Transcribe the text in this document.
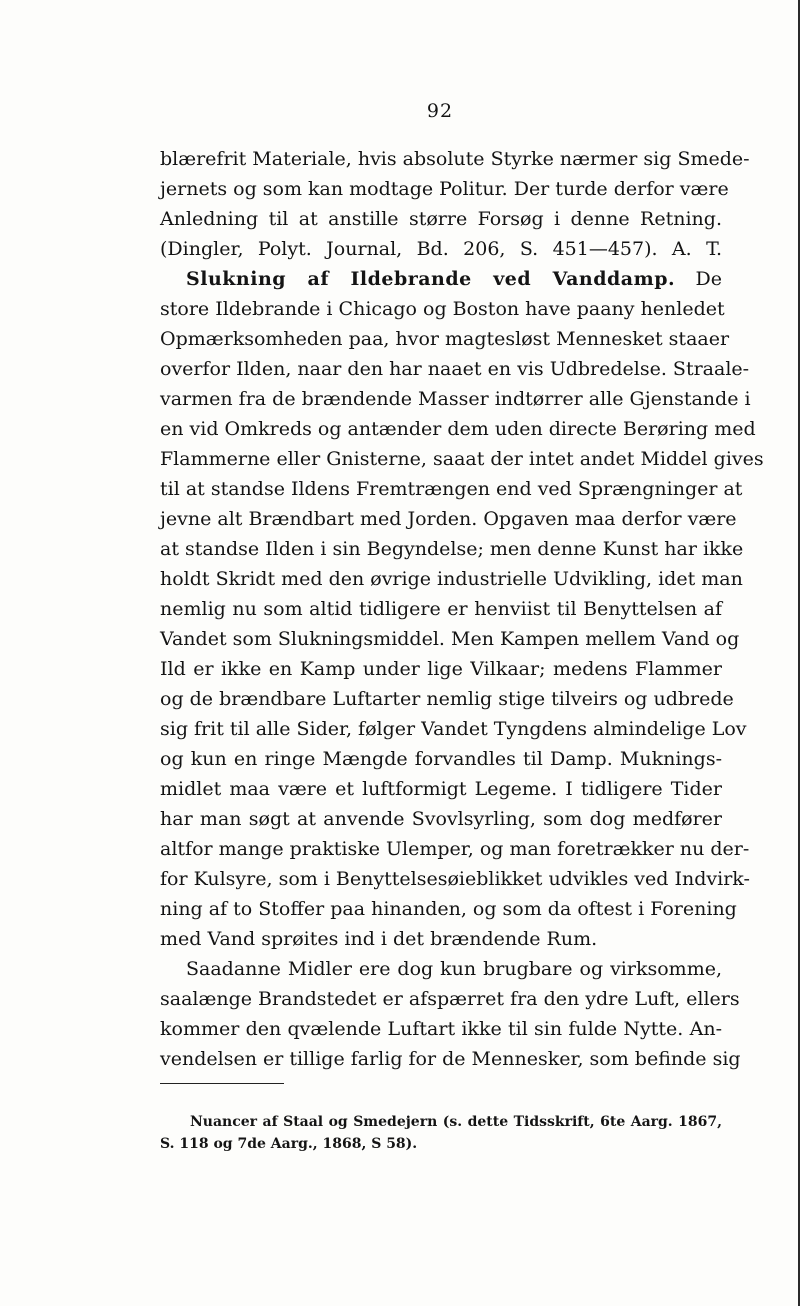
92
blærefrit Materiale, hvis absolute Styrke nærmer sig Smede-
jernets og som kan modtage Politur. Der turde derfor være
Anledning til at anstille større Forsøg i denne Retning.
(Dingler, Polyt. Journal, Bd. 206, S. 451—457). A. T.
Slukning af Ildebrande ved Vanddamp. De
store Ildebrande i Chicago og Boston have paany henledet
Opmærksomheden paa, hvor magtesløst Mennesket staaer
overfor Ilden, naar den har naaet en vis Udbredelse. Straale-
varmen fra de brændende Masser indtørrer alle Gjenstande i
en vid Omkreds og antænder dem uden directe Berøring med
Flammerne eller Gnisterne, saaat der intet andet Middel gives
til at standse Ildens Fremtrængen end ved Sprængninger at
jevne alt Brændbart med Jorden. Opgaven maa derfor være
at standse Ilden i sin Begyndelse; men denne Kunst har ikke
holdt Skridt med den øvrige industrielle Udvikling, idet man
nemlig nu som altid tidligere er henviist til Benyttelsen af
Vandet som Slukningsmiddel. Men Kampen mellem Vand og
Ild er ikke en Kamp under lige Vilkaar; medens Flammer
og de brændbare Luftarter nemlig stige tilveirs og udbrede
sig frit til alle Sider, følger Vandet Tyngdens almindelige Lov
og kun en ringe Mængde forvandles til Damp. Muknings-
midlet maa være et luftformigt Legeme. I tidligere Tider
har man søgt at anvende Svovlsyrling, som dog medfører
altfor mange praktiske Ulemper, og man foretrækker nu der-
for Kulsyre, som i Benyttelsesøieblikket udvikles ved Indvirk-
ning af to Stoffer paa hinanden, og som da oftest i Forening
med Vand sprøites ind i det brændende Rum.
Saadanne Midler ere dog kun brugbare og virksomme,
saalænge Brandstedet er afspærret fra den ydre Luft, ellers
kommer den qvælende Luftart ikke til sin fulde Nytte. An-
vendelsen er tillige farlig for de Mennesker, som befinde sig
Nuancer af Staal og Smedejern (s. dette Tidsskrift, 6te Aarg. 1867,
S. 118 og 7de Aarg., 1868, S 58).
